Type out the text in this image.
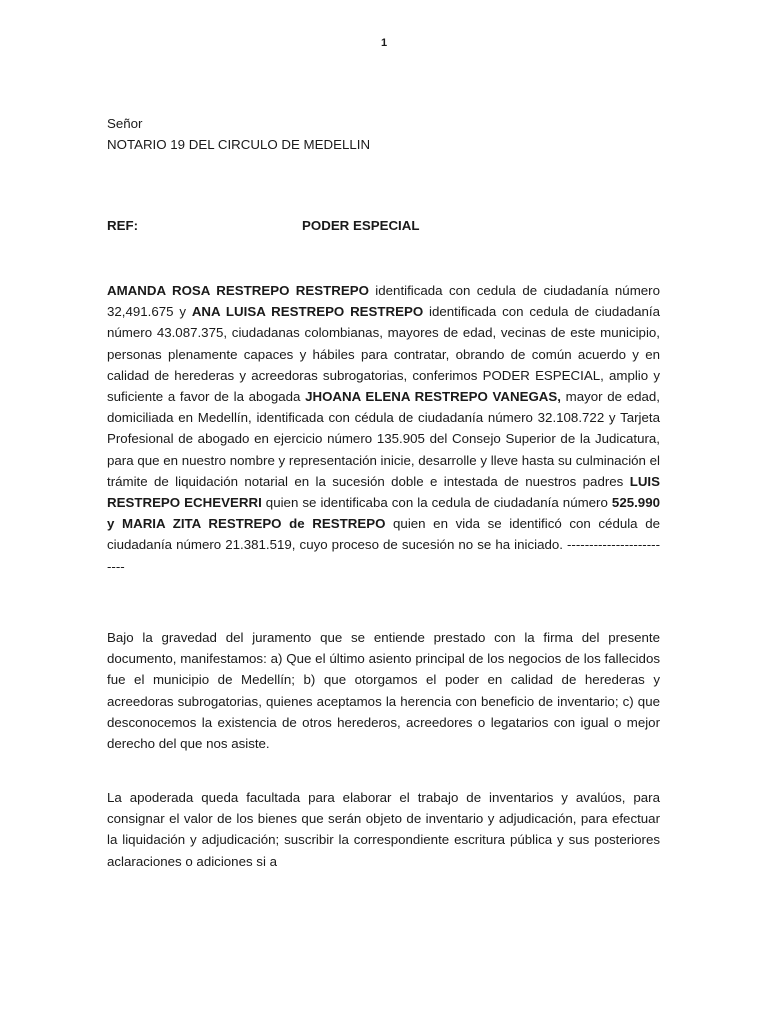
1
Señor
NOTARIO 19 DEL CIRCULO DE MEDELLIN
REF:	PODER ESPECIAL

AMANDA ROSA RESTREPO RESTREPO identificada con cedula de ciudadanía número 32,491.675 y ANA LUISA RESTREPO RESTREPO identificada con cedula de ciudadanía número 43.087.375, ciudadanas colombianas, mayores de edad, vecinas de este municipio, personas plenamente capaces y hábiles para contratar, obrando de común acuerdo y en calidad de herederas y acreedoras subrogatorias, conferimos PODER ESPECIAL, amplio y suficiente a favor de la abogada JHOANA ELENA RESTREPO VANEGAS, mayor de edad, domiciliada en Medellín, identificada con cédula de ciudadanía número 32.108.722 y Tarjeta Profesional de abogado en ejercicio número 135.905 del Consejo Superior de la Judicatura, para que en nuestro nombre y representación inicie, desarrolle y lleve hasta su culminación el trámite de liquidación notarial en la sucesión doble e intestada de nuestros padres LUIS RESTREPO ECHEVERRI quien se identificaba con la cedula de ciudadanía número 525.990 y MARIA ZITA RESTREPO de RESTREPO quien en vida se identificó con cédula de ciudadanía número 21.381.519, cuyo proceso de sucesión no se ha iniciado. -------------------------

Bajo la gravedad del juramento que se entiende prestado con la firma del presente documento, manifestamos: a) Que el último asiento principal de los negocios de los fallecidos fue el municipio de Medellín; b) que otorgamos el poder en calidad de herederas y acreedoras subrogatorias, quienes aceptamos la herencia con beneficio de inventario; c) que desconocemos la existencia de otros herederos, acreedores o legatarios con igual o mejor derecho del que nos asiste.

La apoderada queda facultada para elaborar el trabajo de inventarios y avalúos, para consignar el valor de los bienes que serán objeto de inventario y adjudicación, para efectuar la liquidación y adjudicación; suscribir la correspondiente escritura pública y sus posteriores aclaraciones o adiciones si a
